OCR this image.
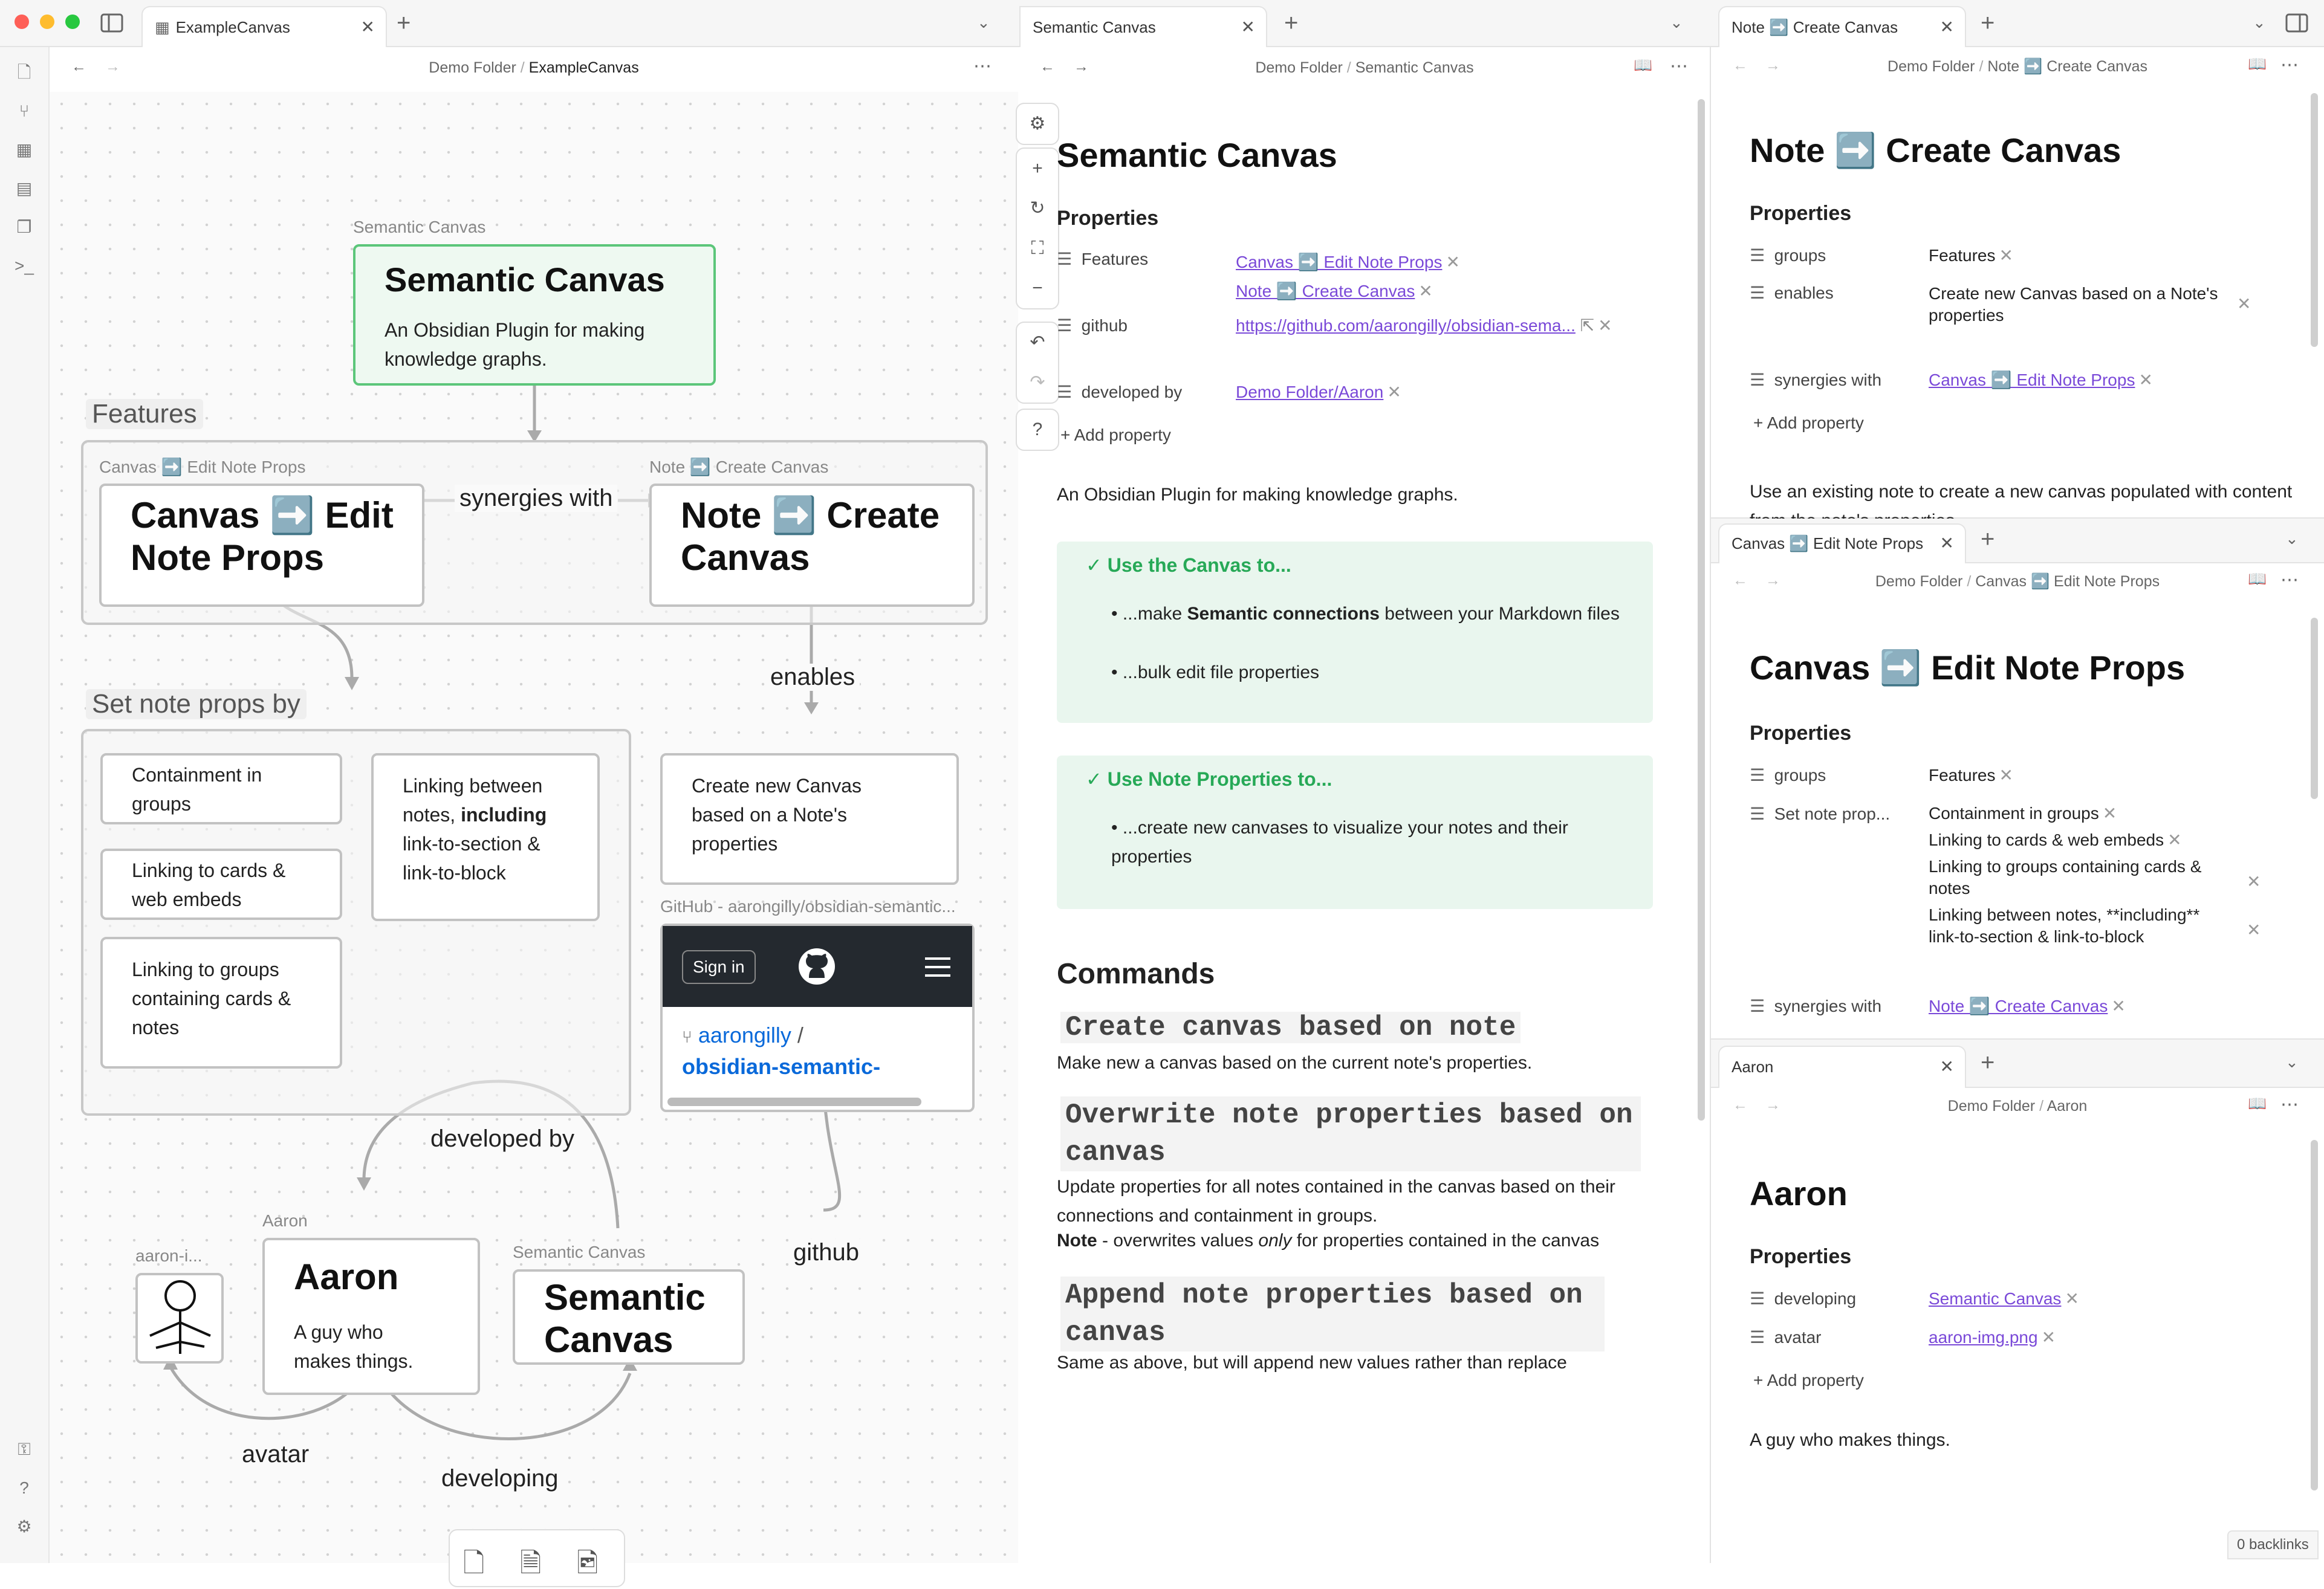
▦ ExampleCanvas	✕ +	⌄
🗋
⑂
▦
▤
❐
>_
⚿
?
⚙
← →	Demo Folder / ExampleCanvas	⋯
⚙
+
↻
⛶
−
↶
↷
?
Semantic Canvas
Semantic Canvas
An Obsidian Plugin for making knowledge graphs.
Features
Canvas ➡️ Edit Note Props
Canvas ➡️ Edit Note Props
synergies with
Note ➡️ Create Canvas
Note ➡️ Create Canvas
enables
Set note props by
Containment in groups
Linking to cards & web embeds
Linking to groups containing cards & notes
Linking between notes, including link-to-section & link-to-block
Create new Canvas based on a Note's properties
GitHub - aarongilly/obsidian-semantic...
Sign in
⑂ aarongilly /
obsidian-semantic-
developed by
github
aaron-i...
Aaron
Aaron
A guy who makes things.
Semantic Canvas
Semantic Canvas
avatar
developing
🗋 🗎 🖻
Semantic Canvas	✕ +	⌄
← →	Demo Folder / Semantic Canvas	📖 ⋯
Semantic Canvas
Properties
☰ Features	Canvas ➡️ Edit Note Props ✕
Note ➡️ Create Canvas ✕
☰ github	https://github.com/aarongilly/obsidian-sema... ⇱ ✕
☰ developed by	Demo Folder/Aaron ✕
+ Add property
An Obsidian Plugin for making knowledge graphs.
✓ Use the Canvas to...
• ...make Semantic connections between your Markdown files
• ...bulk edit file properties
✓ Use Note Properties to...
• ...create new canvases to visualize your notes and their properties
Commands
Create canvas based on note
Make new a canvas based on the current note's properties.
Overwrite note properties based on
canvas
Update properties for all notes contained in the canvas based on their connections and containment in groups.
Note - overwrites values only for properties contained in the canvas
Append note properties based on
canvas
Same as above, but will append new values rather than replace
Note ➡️ Create Canvas ✕ +	⌄
← →	Demo Folder / Note ➡️ Create Canvas	📖 ⋯
Note ➡️ Create Canvas
Properties
☰ groups	Features ✕
☰ enables	Create new Canvas based on a Note's properties
✕
☰ synergies with	Canvas ➡️ Edit Note Props ✕
+ Add property
Use an existing note to create a new canvas populated with content
Canvas ➡️ Edit Note Props ✕ +	⌄
← →	Demo Folder / Canvas ➡️ Edit Note Props	📖 ⋯
Canvas ➡️ Edit Note Props
Properties
☰ groups	Features ✕
☰ Set note prop... Containment in groups ✕
Linking to cards & web embeds ✕
Linking to groups containing cards & notes
Linking between notes, **including** link-to-section & link-to-block
✕
✕
☰ synergies with	Note ➡️ Create Canvas ✕
Aaron	✕ +	⌄
← →	Demo Folder / Aaron	📖 ⋯
Aaron
Properties
☰ developing	Semantic Canvas ✕
☰ avatar	aaron-img.png ✕
+ Add property
A guy who makes things.
0 backlinks
